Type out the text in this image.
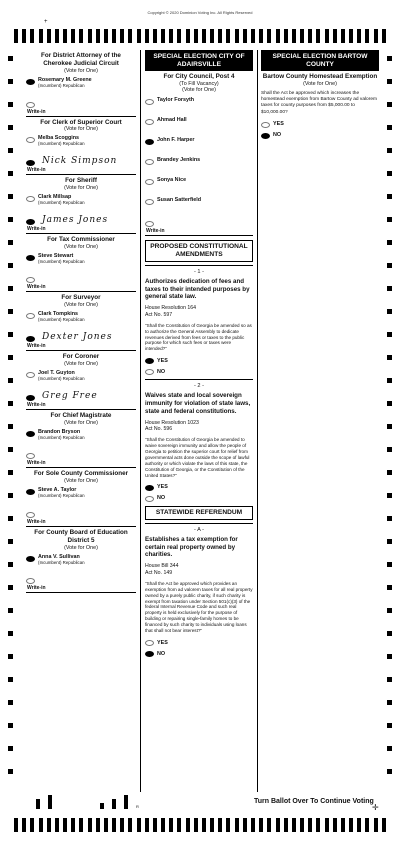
Copyright © 2020 Dominion Voting Inc. All Rights Reserved
+
For District Attorney of the Cherokee Judicial Circuit
(Vote for One)
Rosemary M. Greene
(Incumbent) Republican
Write-in
For Clerk of Superior Court
(Vote for One)
Melba Scoggins
(Incumbent) Republican
Nick Simpson
Write-in
For Sheriff
(Vote for One)
Clark Millsap
(Incumbent) Republican
James Jones
Write-in
For Tax Commissioner
(Vote for One)
Steve Stewart
(Incumbent) Republican
Write-in
For Surveyor
(Vote for One)
Clark Tompkins
(Incumbent) Republican
Dexter Jones
Write-in
For Coroner
(Vote for One)
Joel T. Guyton
(Incumbent) Republican
Greg Free
Write-in
For Chief Magistrate
(Vote for One)
Brandon Bryson
(Incumbent) Republican
Write-in
For Sole County Commissioner
(Vote for One)
Steve A. Taylor
(Incumbent) Republican
Write-in
For County Board of Education District 5
(Vote for One)
Anna V. Sullivan
(Incumbent) Republican
Write-in
SPECIAL ELECTION CITY OF ADAIRSVILLE
For City Council, Post 4
(To Fill Vacancy)
(Vote for One)
Taylor Forsyth
Ahmad Hall
John F. Harper
Brandey Jenkins
Sonya Nice
Susan Satterfield
Write-in
PROPOSED CONSTITUTIONAL AMENDMENTS
- 1 -
Authorizes dedication of fees and taxes to their intended purposes by general state law.
House Resolution 164
Act No. 597
"Shall the Constitution of Georgia be amended so as to authorize the General Assembly to dedicate revenues derived from fees or taxes to the public purpose for which such fees or taxes were intended?"
YES
NO
- 2 -
Waives state and local sovereign immunity for violation of state laws, state and federal constitutions.
House Resolution 1023
Act No. 596
"Shall the Constitution of Georgia be amended to waive sovereign immunity and allow the people of Georgia to petition the superior court for relief from governmental acts done outside the scope of lawful authority or which violate the laws of this state, the Constitution of Georgia, or the Constitution of the United States?"
YES
NO
STATEWIDE REFERENDUM
- A -
Establishes a tax exemption for certain real property owned by charities.
House Bill 344
Act No. 149
"Shall the Act be approved which provides an exemption from ad valorem taxes for all real property owned by a purely public charity, if such charity is exempt from taxation under Section 501(c)(3) of the federal Internal Revenue Code and such real property is held exclusively for the purpose of building or repairing single-family homes to be financed by such charity to individuals using loans that shall not bear interest?"
YES
NO
SPECIAL ELECTION BARTOW COUNTY
Bartow County Homestead Exemption
(Vote for One)
Shall the Act be approved which increases the homestead exemption from Bartow County ad valorem taxes for county purposes from $5,000.00 to $10,000.00?
YES
NO
R
Turn Ballot Over To Continue Voting
✛
